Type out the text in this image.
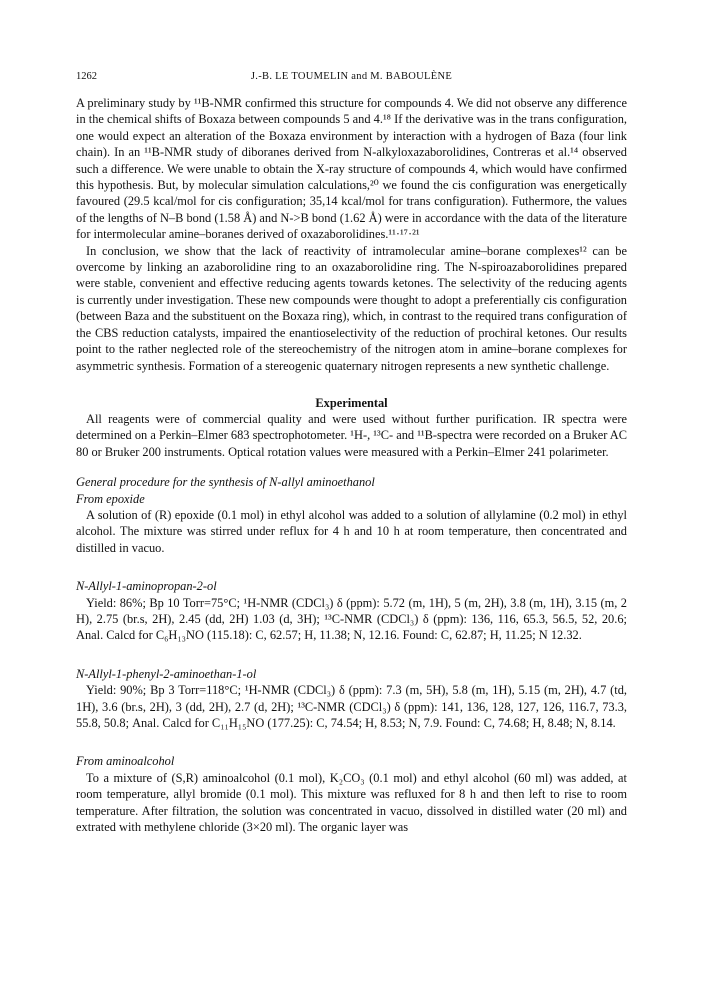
1262	J.-B. LE TOUMELIN and M. BABOULÈNE

A preliminary study by ¹¹B-NMR confirmed this structure for compounds 4. We did not observe any difference in the chemical shifts of Boxaza between compounds 5 and 4.¹⁸ If the derivative was in the trans configuration, one would expect an alteration of the Boxaza environment by interaction with a hydrogen of Baza (four link chain). In an ¹¹B-NMR study of diboranes derived from N-alkyloxazaborolidines, Contreras et al.¹⁴ observed such a difference. We were unable to obtain the X-ray structure of compounds 4, which would have confirmed this hypothesis. But, by molecular simulation calculations,²⁰ we found the cis configuration was energetically favoured (29.5 kcal/mol for cis configuration; 35,14 kcal/mol for trans configuration). Futhermore, the values of the lengths of N–B bond (1.58 Å) and N->B bond (1.62 Å) were in accordance with the data of the literature for intermolecular amine–boranes derived of oxazaborolidines.¹¹·¹⁷·²¹

In conclusion, we show that the lack of reactivity of intramolecular amine–borane complexes¹² can be overcome by linking an azaborolidine ring to an oxazaborolidine ring. The N-spiroazaborolidines prepared were stable, convenient and effective reducing agents towards ketones. The selectivity of the reducing agents is currently under investigation. These new compounds were thought to adopt a preferentially cis configuration (between Baza and the substituent on the Boxaza ring), which, in contrast to the required trans configuration of the CBS reduction catalysts, impaired the enantioselectivity of the reduction of prochiral ketones. Our results point to the rather neglected role of the stereochemistry of the nitrogen atom in amine–borane complexes for asymmetric synthesis. Formation of a stereogenic quaternary nitrogen represents a new synthetic challenge.

Experimental

All reagents were of commercial quality and were used without further purification. IR spectra were determined on a Perkin–Elmer 683 spectrophotometer. ¹H-, ¹³C- and ¹¹B-spectra were recorded on a Bruker AC 80 or Bruker 200 instruments. Optical rotation values were measured with a Perkin–Elmer 241 polarimeter.

General procedure for the synthesis of N-allyl aminoethanol

From epoxide

A solution of (R) epoxide (0.1 mol) in ethyl alcohol was added to a solution of allylamine (0.2 mol) in ethyl alcohol. The mixture was stirred under reflux for 4 h and 10 h at room temperature, then concentrated and distilled in vacuo.

N-Allyl-1-aminopropan-2-ol

Yield: 86%; Bp 10 Torr=75°C; ¹H-NMR (CDCl₃) δ (ppm): 5.72 (m, 1H), 5 (m, 2H), 3.8 (m, 1H), 3.15 (m, 2 H), 2.75 (br.s, 2H), 2.45 (dd, 2H) 1.03 (d, 3H); ¹³C-NMR (CDCl₃) δ (ppm): 136, 116, 65.3, 56.5, 52, 20.6; Anal. Calcd for C₆H₁₃NO (115.18): C, 62.57; H, 11.38; N, 12.16. Found: C, 62.87; H, 11.25; N 12.32.

N-Allyl-1-phenyl-2-aminoethan-1-ol

Yield: 90%; Bp 3 Torr=118°C; ¹H-NMR (CDCl₃) δ (ppm): 7.3 (m, 5H), 5.8 (m, 1H), 5.15 (m, 2H), 4.7 (td, 1H), 3.6 (br.s, 2H), 3 (dd, 2H), 2.7 (d, 2H); ¹³C-NMR (CDCl₃) δ (ppm): 141, 136, 128, 127, 126, 116.7, 73.3, 55.8, 50.8; Anal. Calcd for C₁₁H₁₅NO (177.25): C, 74.54; H, 8.53; N, 7.9. Found: C, 74.68; H, 8.48; N, 8.14.

From aminoalcohol

To a mixture of (S,R) aminoalcohol (0.1 mol), K₂CO₃ (0.1 mol) and ethyl alcohol (60 ml) was added, at room temperature, allyl bromide (0.1 mol). This mixture was refluxed for 8 h and then left to rise to room temperature. After filtration, the solution was concentrated in vacuo, dissolved in distilled water (20 ml) and extrated with methylene chloride (3×20 ml). The organic layer was
